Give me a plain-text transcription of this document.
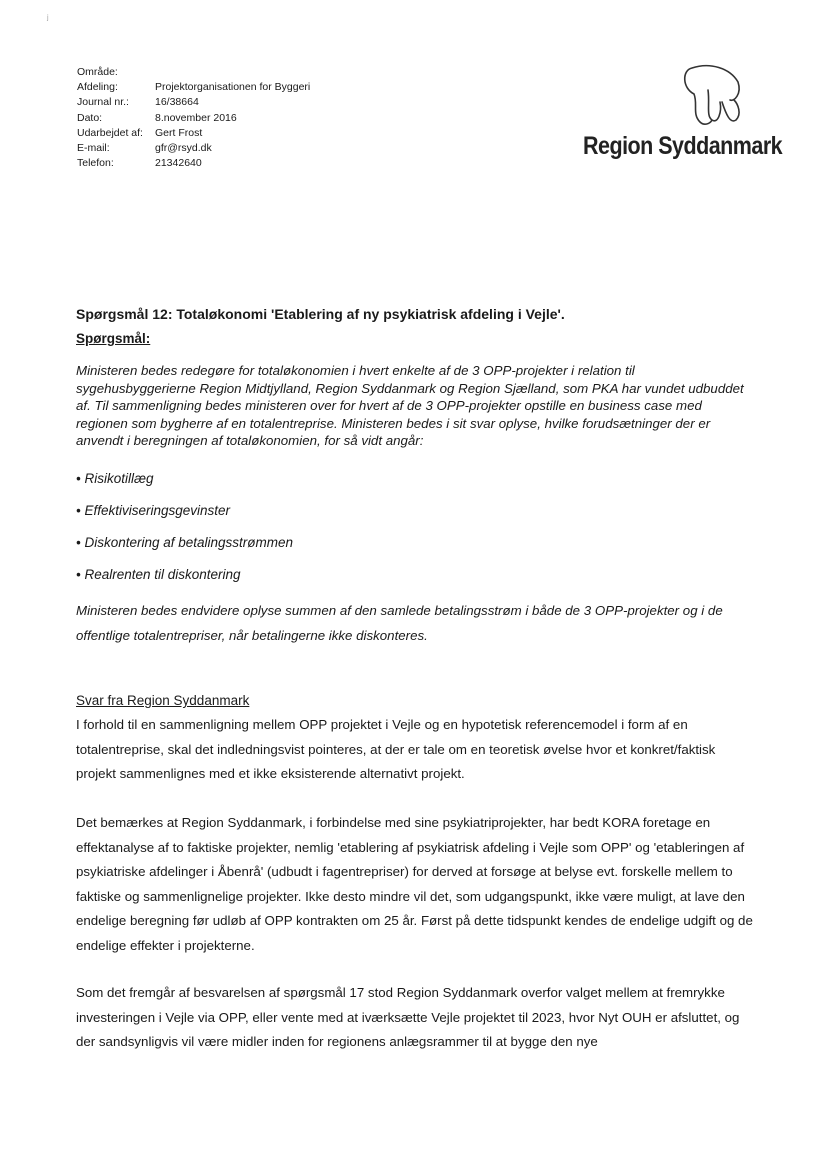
ʲ
Område:
Afdeling:	Projektorganisationen for Byggeri
Journal nr.:	16/38664
Dato:	8.november 2016
Udarbejdet af:	Gert Frost
E-mail:	gfr@rsyd.dk
Telefon:	21342640
Region Syddanmark
Spørgsmål 12: Totaløkonomi 'Etablering af ny psykiatrisk afdeling i Vejle'.
Spørgsmål:
Ministeren bedes redegøre for totaløkonomien i hvert enkelte af de 3 OPP-projekter i relation til sygehusbyggerierne Region Midtjylland, Region Syddanmark og Region Sjælland, som PKA har vundet udbuddet af. Til sammenligning bedes ministeren over for hvert af de 3 OPP-projekter opstille en business case med regionen som bygherre af en totalentreprise. Ministeren bedes i sit svar oplyse, hvilke forudsætninger der er anvendt i beregningen af totaløkonomien, for så vidt angår:
• Risikotillæg
• Effektiviseringsgevinster
• Diskontering af betalingsstrømmen
• Realrenten til diskontering
Ministeren bedes endvidere oplyse summen af den samlede betalingsstrøm i både de 3 OPP-projekter og i de offentlige totalentrepriser, når betalingerne ikke diskonteres.
Svar fra Region Syddanmark
I forhold til en sammenligning mellem OPP projektet i Vejle og en hypotetisk referencemodel i form af en totalentreprise, skal det indledningsvist pointeres, at der er tale om en teoretisk øvelse hvor et konkret/faktisk projekt sammenlignes med et ikke eksisterende alternativt projekt.
Det bemærkes at Region Syddanmark, i forbindelse med sine psykiatriprojekter, har bedt KORA foretage en effektanalyse af to faktiske projekter, nemlig 'etablering af psykiatrisk afdeling i Vejle som OPP' og 'etableringen af psykiatriske afdelinger i Åbenrå' (udbudt i fagentrepriser) for derved at forsøge at belyse evt. forskelle mellem to faktiske og sammenlignelige projekter. Ikke desto mindre vil det, som udgangspunkt, ikke være muligt, at lave den endelige beregning før udløb af OPP kontrakten om 25 år. Først på dette tidspunkt kendes de endelige udgift og de endelige effekter i projekterne.
Som det fremgår af besvarelsen af spørgsmål 17 stod Region Syddanmark overfor valget mellem at fremrykke investeringen i Vejle via OPP, eller vente med at iværksætte Vejle projektet til 2023, hvor Nyt OUH er afsluttet, og der sandsynligvis vil være midler inden for regionens anlægsrammer til at bygge den nye
